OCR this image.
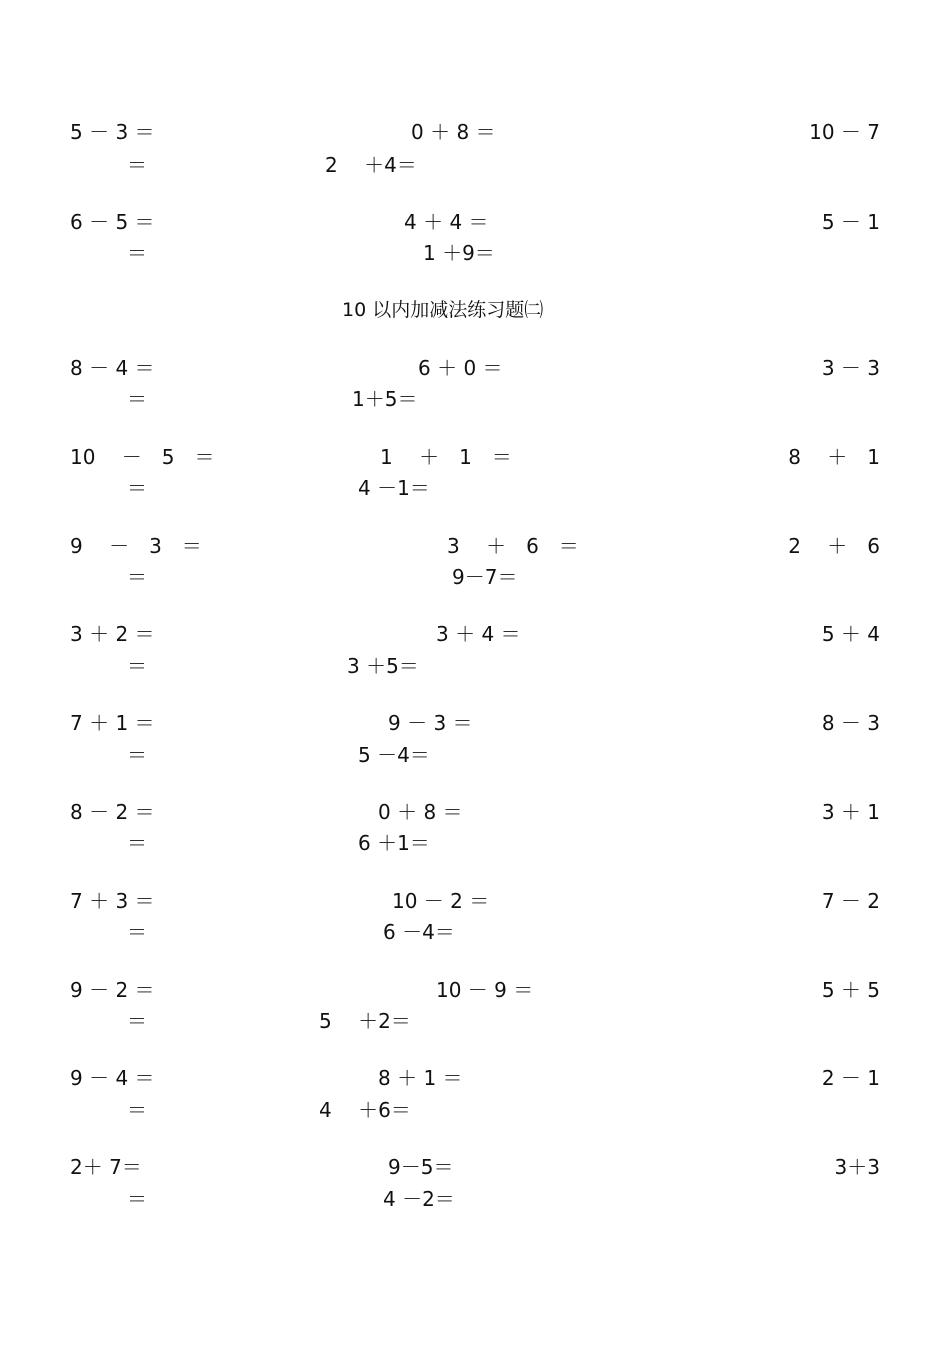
5 － 3 ＝	0 ＋ 8 ＝	10 － 7
＝	2 　＋4＝
6 － 5 ＝	4 ＋ 4 ＝	5 － 1
＝	1 ＋9＝
10 以内加减法练习题㈡
8 － 4 ＝	6 ＋ 0 ＝	3 － 3
＝	1＋5＝
10 　－　5　＝	1 　＋　1　＝	8 　＋　1
＝	4 －1＝
9 　－　3　＝	3 　＋　6　＝	2 　＋　6
＝	9－7＝
3 ＋ 2 ＝	3 ＋ 4 ＝	5 ＋ 4
＝	3 ＋5＝
7 ＋ 1 ＝	9 － 3 ＝	8 － 3
＝	5 －4＝
8 － 2 ＝	0 ＋ 8 ＝	3 ＋ 1
＝	6 ＋1＝
7 ＋ 3 ＝	10 － 2 ＝	7 － 2
＝	6 －4＝
9 － 2 ＝	10 － 9 ＝	5 ＋ 5
＝	5 　＋2＝
9 － 4 ＝	8 ＋ 1 ＝	2 － 1
＝	4 　＋6＝
2＋ 7＝	9－5＝	3＋3
＝	4 －2＝
